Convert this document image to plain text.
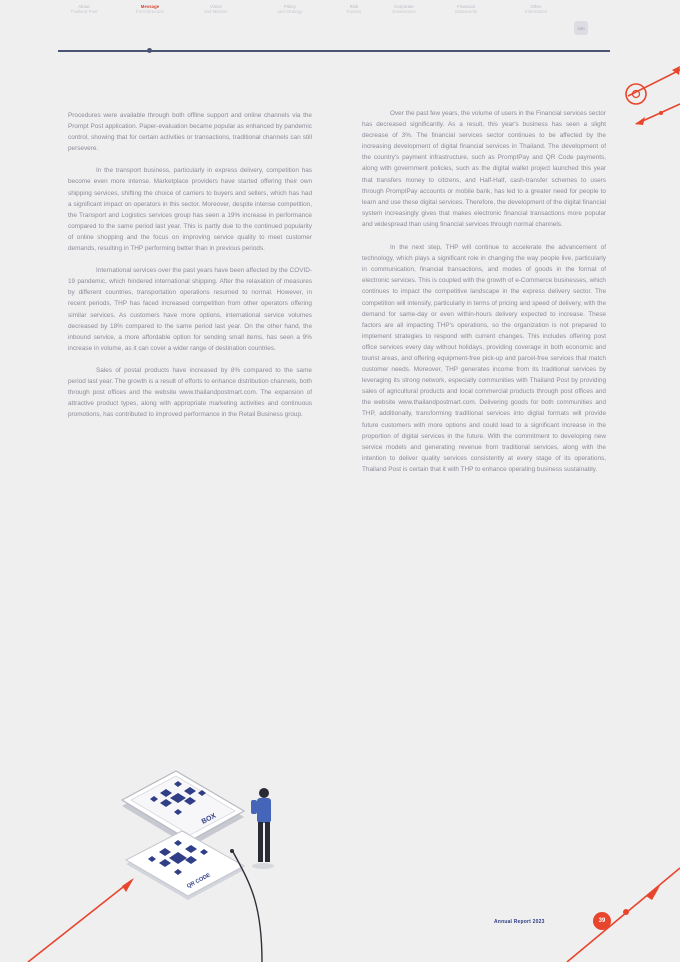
About
Thailand Post
Message
from Directors
Vision
and Mission
Policy
and Strategy
Risk
Factors
Corporate
Governance
Financial
Statements
Other
Information
GRI
BOX
QR CODE

Procedures were available through both offline support and online channels via the Prompt Post application. Paper-evaluation became popular as enhanced by pandemic control, showing that for certain activities or transactions, traditional channels can still persevere.

In the transport business, particularly in express delivery, competition has become even more intense. Marketplace providers have started offering their own shipping services, shifting the choice of carriers to buyers and sellers, which has had a significant impact on operators in this sector. Moreover, despite intense competition, the Transport and Logistics services group has seen a 19% increase in performance compared to the same period last year. This is partly due to the continued popularity of online shopping and the focus on improving service quality to meet customer demands, resulting in THP performing better than in previous periods.

International services over the past years have been affected by the COVID-19 pandemic, which hindered international shipping. After the relaxation of measures by different countries, transportation operations resumed to normal. However, in recent periods, THP has faced increased competition from other operators offering similar services. As customers have more options, international service volumes decreased by 18% compared to the same period last year. On the other hand, the inbound service, a more affordable option for sending small items, has seen a 9% increase in volume, as it can cover a wider range of destination countries.

Sales of postal products have increased by 8% compared to the same period last year. The growth is a result of efforts to enhance distribution channels, both through post offices and the website www.thailandpostmart.com. The expansion of attractive product types, along with appropriate marketing activities and continuous promotions, has contributed to improved performance in the Retail Business group.

Over the past few years, the volume of users in the Financial services sector has decreased significantly. As a result, this year's business has seen a slight decrease of 3%. The financial services sector continues to be affected by the increasing development of digital financial services in Thailand. The development of the country's payment infrastructure, such as PromptPay and QR Code payments, along with government policies, such as the digital wallet project launched this year that transfers money to citizens, and Half-Half, cash-transfer schemes to users through PromptPay accounts or mobile bank, has led to a greater need for people to learn and use these digital services. Therefore, the development of the digital financial system increasingly gives that makes electronic financial transactions more popular and widespread than using financial services through normal channels.

In the next step, THP will continue to accelerate the advancement of technology, which plays a significant role in changing the way people live, particularly in communication, financial transactions, and modes of goods in the format of electronic services. This is coupled with the growth of e-Commerce businesses, which continues to impact the competitive landscape in the express delivery sector. The competition will intensify, particularly in terms of pricing and speed of delivery, with the demand for same-day or even within-hours delivery expected to increase. These factors are all impacting THP's operations, so the organization is not prepared to implement strategies to respond with current changes. This includes offering post office services every day without holidays, providing coverage in both economic and tourist areas, and offering equipment-free pick-up and parcel-free services that match customer needs. Moreover, THP generates income from its traditional services by leveraging its strong network, especially communities with Thailand Post by providing sales of agricultural products and local commercial products through post offices and the website www.thailandpostmart.com. Delivering goods for both communities and THP, additionally, transforming traditional services into digital formats will provide future customers with more options and could lead to a significant increase in the proportion of digital services in the future. With the commitment to developing new service models and generating revenue from traditional services, along with the intention to deliver quality services consistently at every stage of its operations, Thailand Post is certain that it with THP to enhance operating business sustainably.

Annual Report 2023	39
